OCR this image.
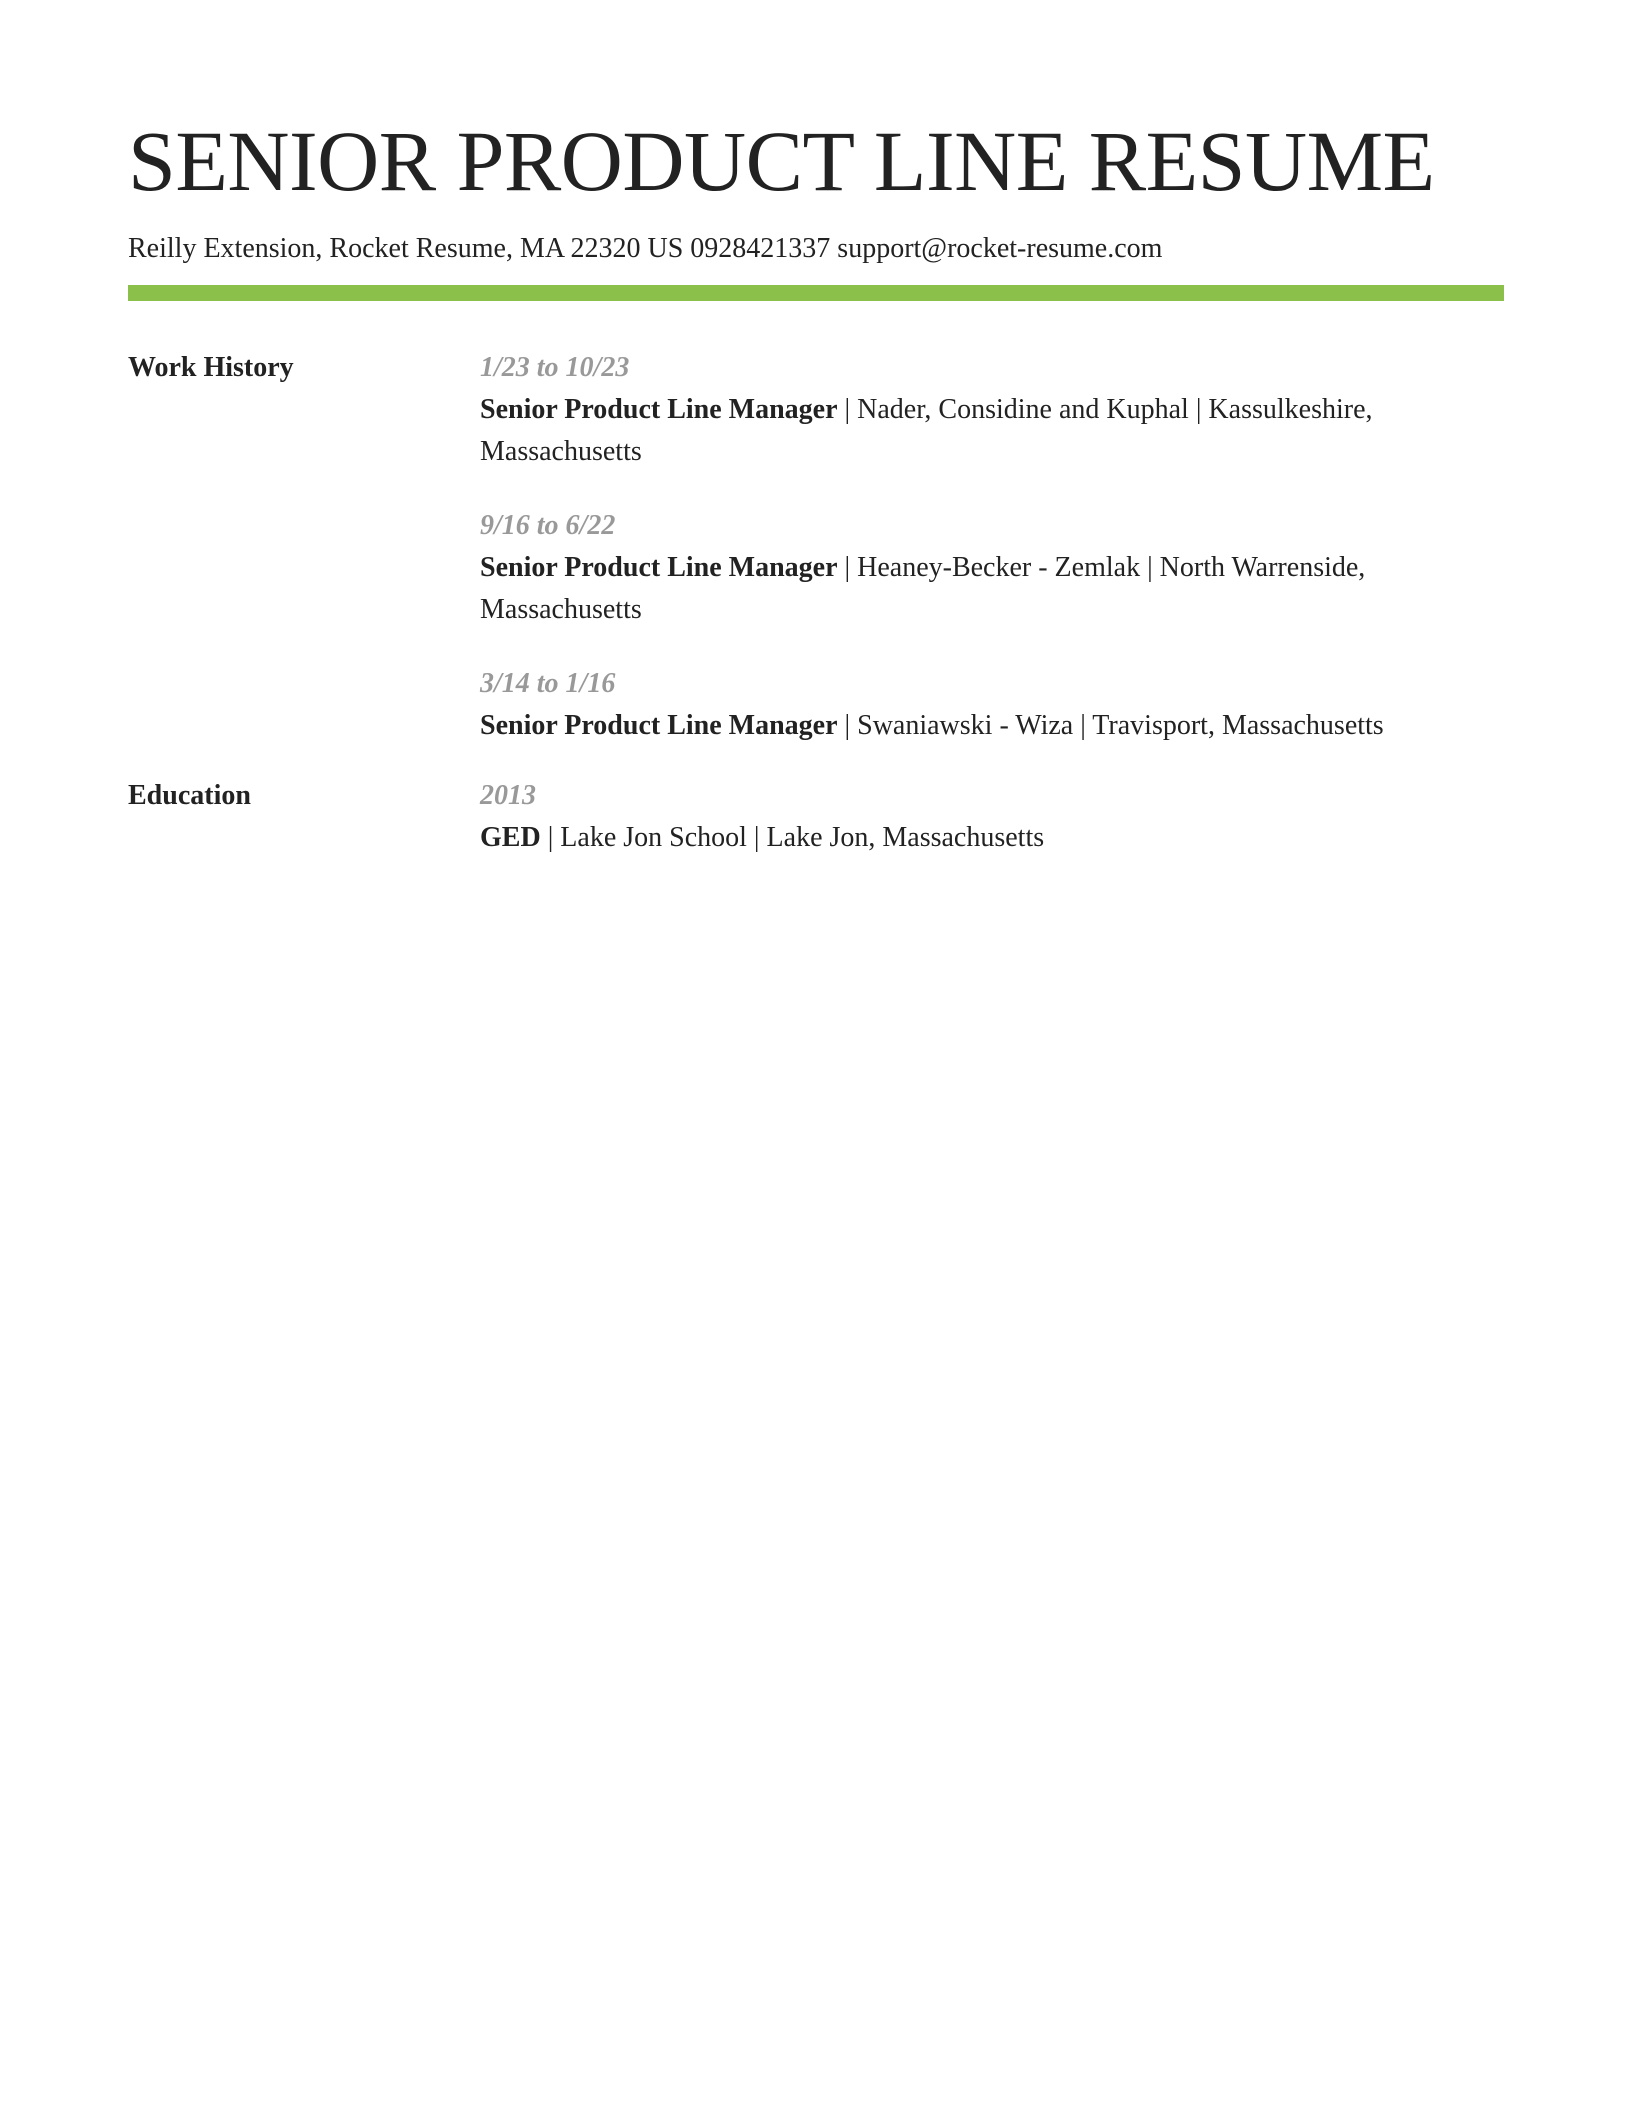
SENIOR PRODUCT LINE RESUME

Reilly Extension, Rocket Resume, MA 22320 US 0928421337 support@rocket-resume.com

Work History	1/23 to 10/23
Senior Product Line Manager | Nader, Considine and Kuphal | Kassulkeshire, Massachusetts
9/16 to 6/22
Senior Product Line Manager | Heaney-Becker - Zemlak | North Warrenside, Massachusetts
3/14 to 1/16
Senior Product Line Manager | Swaniawski - Wiza | Travisport, Massachusetts
Education	2013
GED | Lake Jon School | Lake Jon, Massachusetts
